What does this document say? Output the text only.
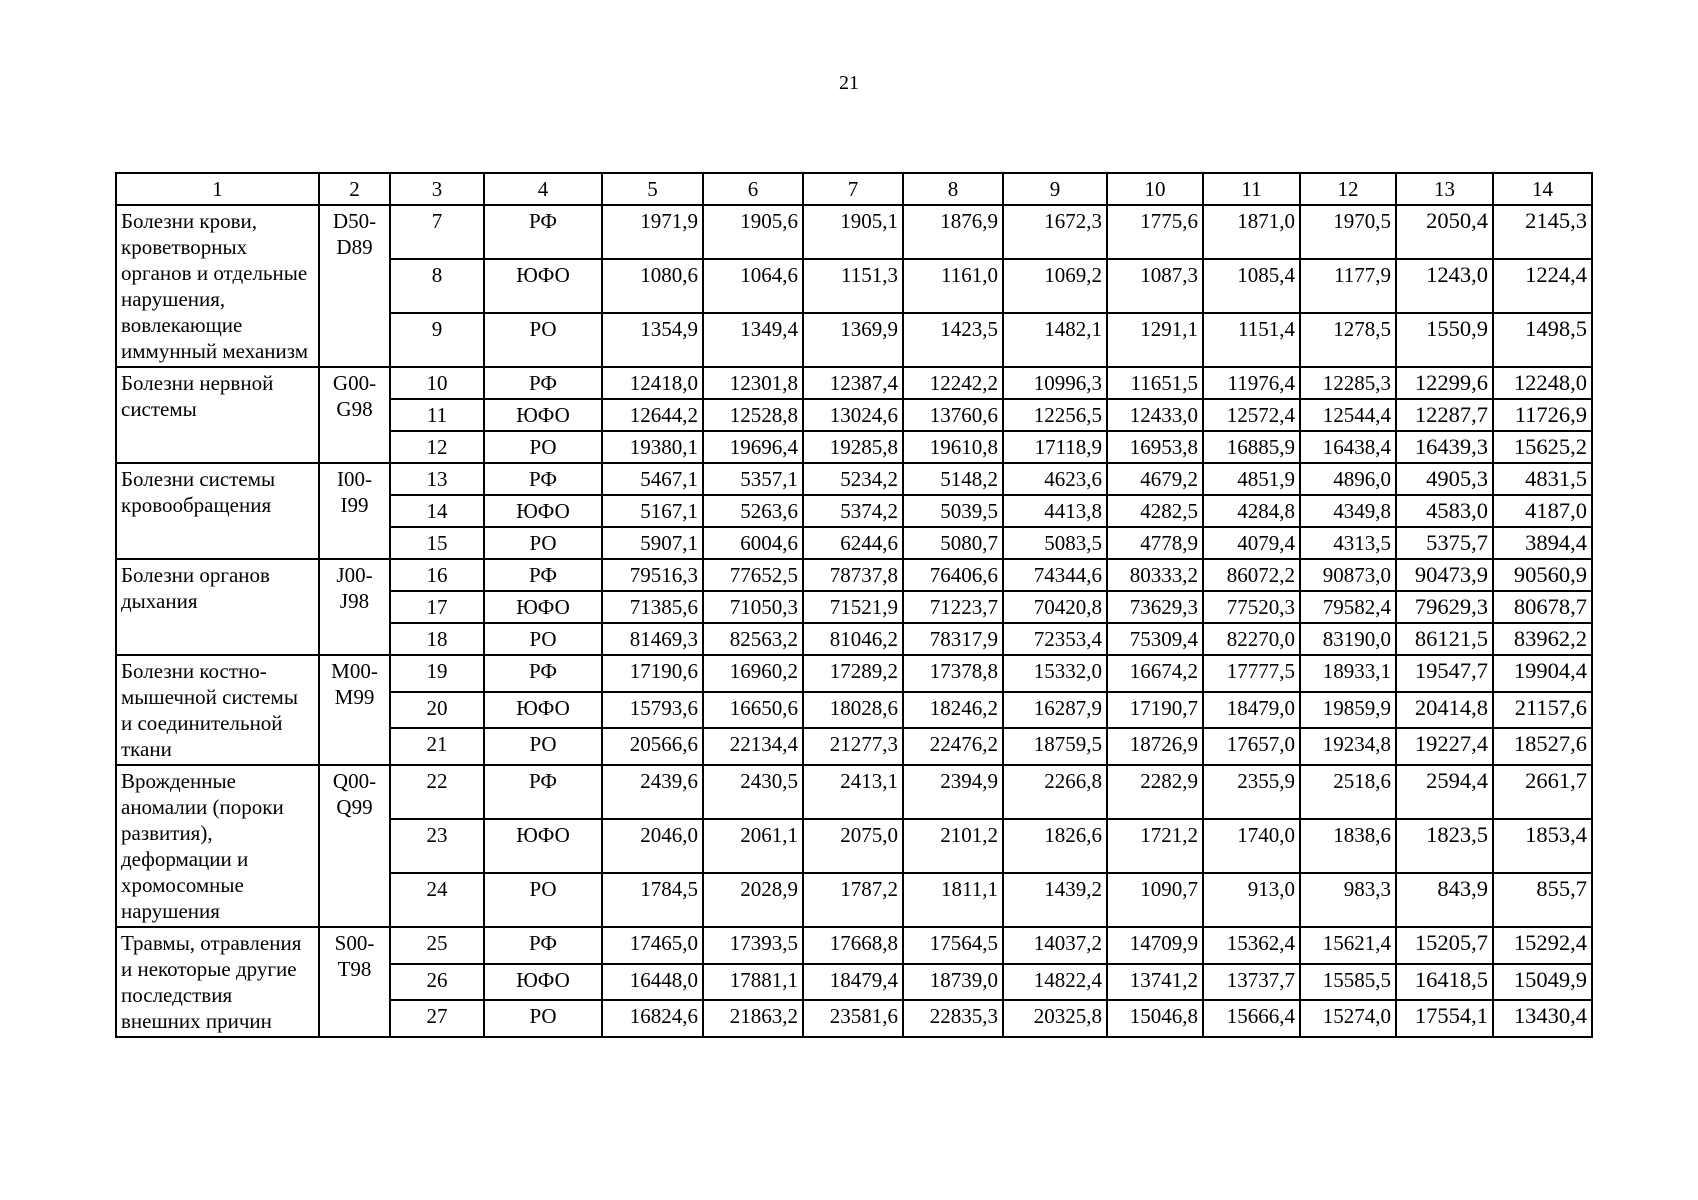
21
1	2	3	4	5	6	7	8	9	10	11	12	13	14
Болезни крови, кроветворных органов и отдельные нарушения, вовлекающие иммунный механизм	D50-D89	7	РФ	1971,9	1905,6	1905,1	1876,9	1672,3	1775,6	1871,0	1970,5	2050,4	2145,3
		8	ЮФО	1080,6	1064,6	1151,3	1161,0	1069,2	1087,3	1085,4	1177,9	1243,0	1224,4
		9	РО	1354,9	1349,4	1369,9	1423,5	1482,1	1291,1	1151,4	1278,5	1550,9	1498,5
Болезни нервной системы	G00-G98	10	РФ	12418,0	12301,8	12387,4	12242,2	10996,3	11651,5	11976,4	12285,3	12299,6	12248,0
		11	ЮФО	12644,2	12528,8	13024,6	13760,6	12256,5	12433,0	12572,4	12544,4	12287,7	11726,9
		12	РО	19380,1	19696,4	19285,8	19610,8	17118,9	16953,8	16885,9	16438,4	16439,3	15625,2
Болезни системы кровообращения	I00-I99	13	РФ	5467,1	5357,1	5234,2	5148,2	4623,6	4679,2	4851,9	4896,0	4905,3	4831,5
		14	ЮФО	5167,1	5263,6	5374,2	5039,5	4413,8	4282,5	4284,8	4349,8	4583,0	4187,0
		15	РО	5907,1	6004,6	6244,6	5080,7	5083,5	4778,9	4079,4	4313,5	5375,7	3894,4
Болезни органов дыхания	J00-J98	16	РФ	79516,3	77652,5	78737,8	76406,6	74344,6	80333,2	86072,2	90873,0	90473,9	90560,9
		17	ЮФО	71385,6	71050,3	71521,9	71223,7	70420,8	73629,3	77520,3	79582,4	79629,3	80678,7
		18	РО	81469,3	82563,2	81046,2	78317,9	72353,4	75309,4	82270,0	83190,0	86121,5	83962,2
Болезни костно-мышечной системы и соединительной ткани	M00-M99	19	РФ	17190,6	16960,2	17289,2	17378,8	15332,0	16674,2	17777,5	18933,1	19547,7	19904,4
		20	ЮФО	15793,6	16650,6	18028,6	18246,2	16287,9	17190,7	18479,0	19859,9	20414,8	21157,6
		21	РО	20566,6	22134,4	21277,3	22476,2	18759,5	18726,9	17657,0	19234,8	19227,4	18527,6
Врожденные аномалии (пороки развития), деформации и хромосомные нарушения	Q00-Q99	22	РФ	2439,6	2430,5	2413,1	2394,9	2266,8	2282,9	2355,9	2518,6	2594,4	2661,7
		23	ЮФО	2046,0	2061,1	2075,0	2101,2	1826,6	1721,2	1740,0	1838,6	1823,5	1853,4
		24	РО	1784,5	2028,9	1787,2	1811,1	1439,2	1090,7	913,0	983,3	843,9	855,7
Травмы, отравления и некоторые другие последствия внешних причин	S00-T98	25	РФ	17465,0	17393,5	17668,8	17564,5	14037,2	14709,9	15362,4	15621,4	15205,7	15292,4
		26	ЮФО	16448,0	17881,1	18479,4	18739,0	14822,4	13741,2	13737,7	15585,5	16418,5	15049,9
		27	РО	16824,6	21863,2	23581,6	22835,3	20325,8	15046,8	15666,4	15274,0	17554,1	13430,4
